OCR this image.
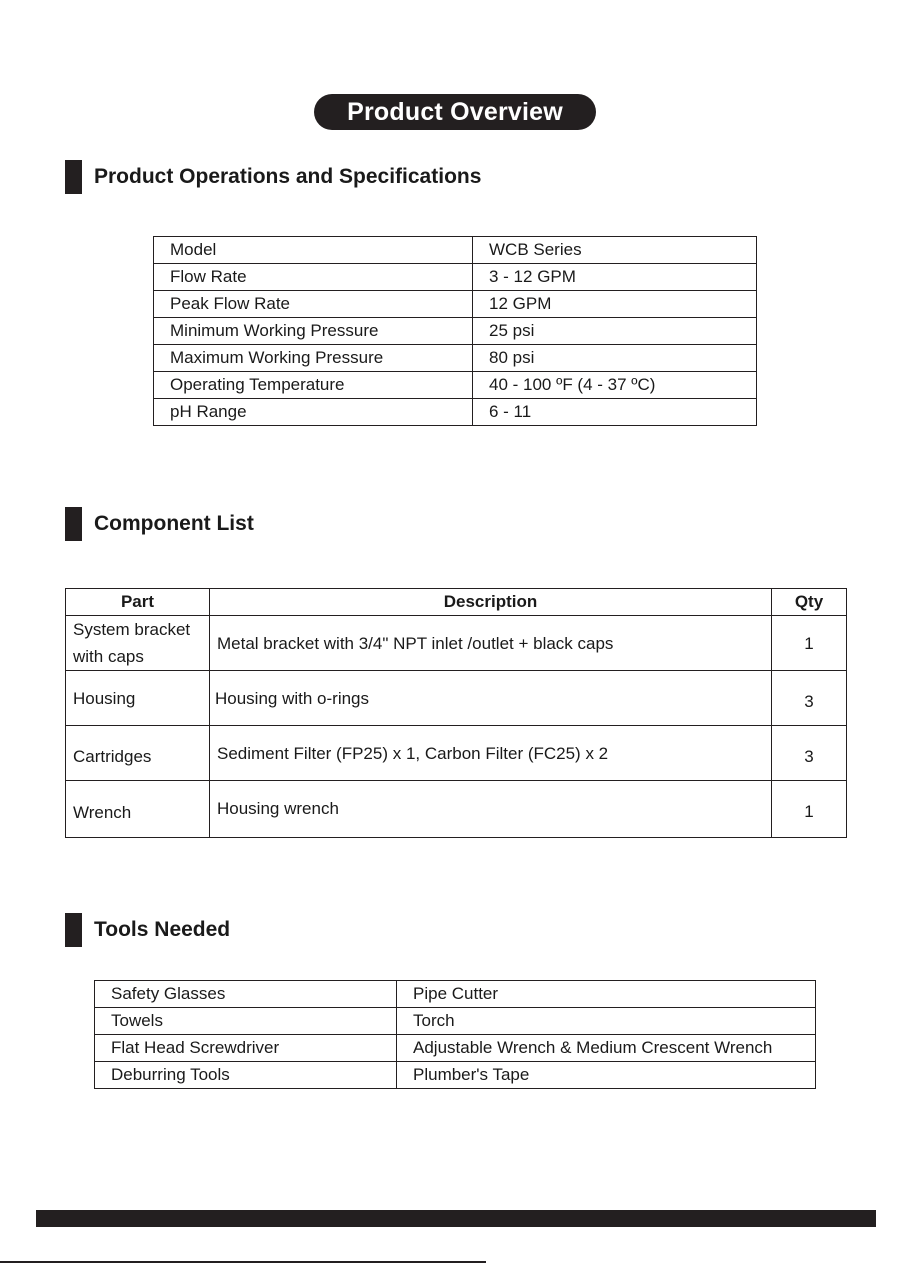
Product Overview
Product Operations and Specifications
Model	WCB Series
Flow Rate	3 - 12 GPM
Peak Flow Rate	12 GPM
Minimum Working Pressure	25 psi
Maximum Working Pressure	80 psi
Operating Temperature	40 - 100 ºF (4 - 37 ºC)
pH Range	6 - 11
Component List
Part	Description	Qty
System bracket with caps	Metal bracket with 3/4" NPT inlet /outlet + black caps	1
Housing	Housing with o-rings	3
Cartridges	Sediment Filter (FP25) x 1, Carbon Filter (FC25) x 2	3
Wrench	Housing wrench	1
Tools Needed
Safety Glasses	Pipe Cutter
Towels	Torch
Flat Head Screwdriver	Adjustable Wrench & Medium Crescent Wrench
Deburring Tools	Plumber's Tape
